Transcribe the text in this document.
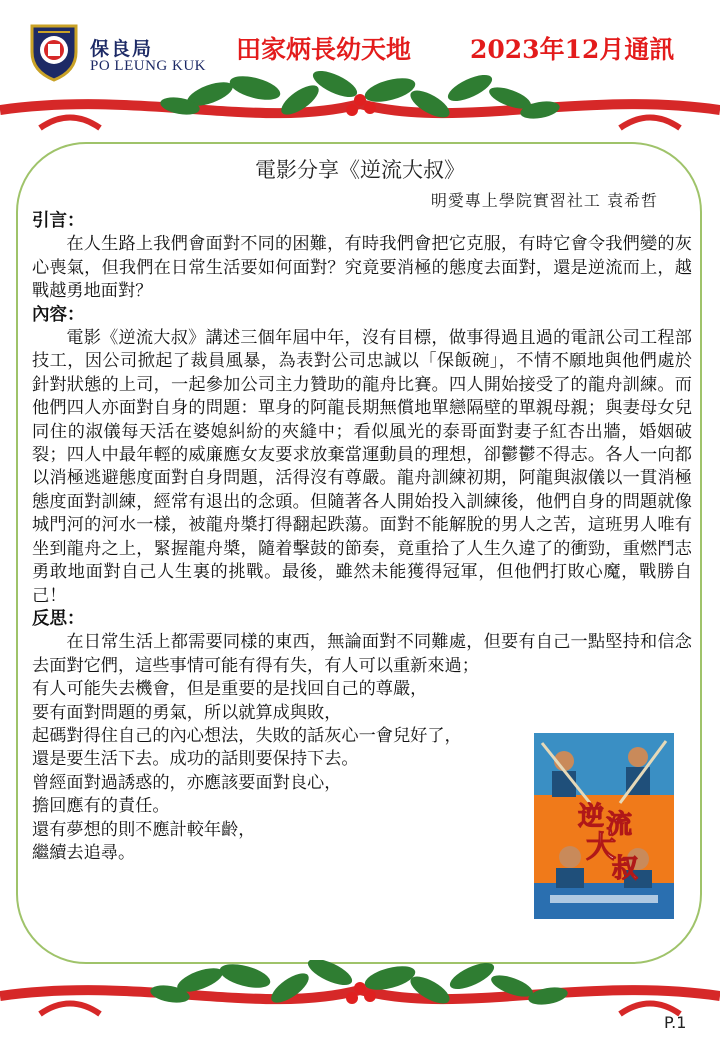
保良局
PO LEUNG KUK
田家炳長幼天地 2023年12月通訊
電影分享《逆流大叔》
明愛專上學院實習社工 袁希哲
引言：

在人生路上我們會面對不同的困難，有時我們會把它克服，有時它會令我們變的灰心喪氣，但我們在日常生活要如何面對？究竟要消極的態度去面對，還是逆流而上，越戰越勇地面對？

內容：

電影《逆流大叔》講述三個年屆中年，沒有目標，做事得過且過的電訊公司工程部技工，因公司掀起了裁員風暴，為表對公司忠誠以「保飯碗」，不情不願地與他們處於針對狀態的上司，一起參加公司主力贊助的龍舟比賽。四人開始接受了的龍舟訓練。而他們四人亦面對自身的問題：單身的阿龍長期無償地單戀隔壁的單親母親；與妻母女兒同住的淑儀每天活在婆媳糾紛的夾縫中；看似風光的泰哥面對妻子紅杏出牆，婚姻破裂；四人中最年輕的威廉應女友要求放棄當運動員的理想，卻鬱鬱不得志。各人一向都以消極逃避態度面對自身問題，活得沒有尊嚴。龍舟訓練初期，阿龍與淑儀以一貫消極態度面對訓練，經常有退出的念頭。但隨著各人開始投入訓練後，他們自身的問題就像城門河的河水一樣，被龍舟槳打得翻起跌蕩。面對不能解脫的男人之苦，這班男人唯有坐到龍舟之上，緊握龍舟槳，隨着擊鼓的節奏，竟重拾了人生久違了的衝勁，重燃鬥志勇敢地面對自己人生裏的挑戰。最後，雖然未能獲得冠軍，但他們打敗心魔，戰勝自己！

反思：

在日常生活上都需要同樣的東西，無論面對不同難處，但要有自己一點堅持和信念去面對它們，這些事情可能有得有失，有人可以重新來過；

有人可能失去機會，但是重要的是找回自己的尊嚴，
要有面對問題的勇氣，所以就算成與敗，
起碼對得住自己的內心想法，失敗的話灰心一會兒好了，
還是要生活下去。成功的話則要保持下去。
曾經面對過誘惑的，亦應該要面對良心，
擔回應有的責任。
還有夢想的則不應計較年齡，
繼續去追尋。
逆 流
大
叔
P.1
